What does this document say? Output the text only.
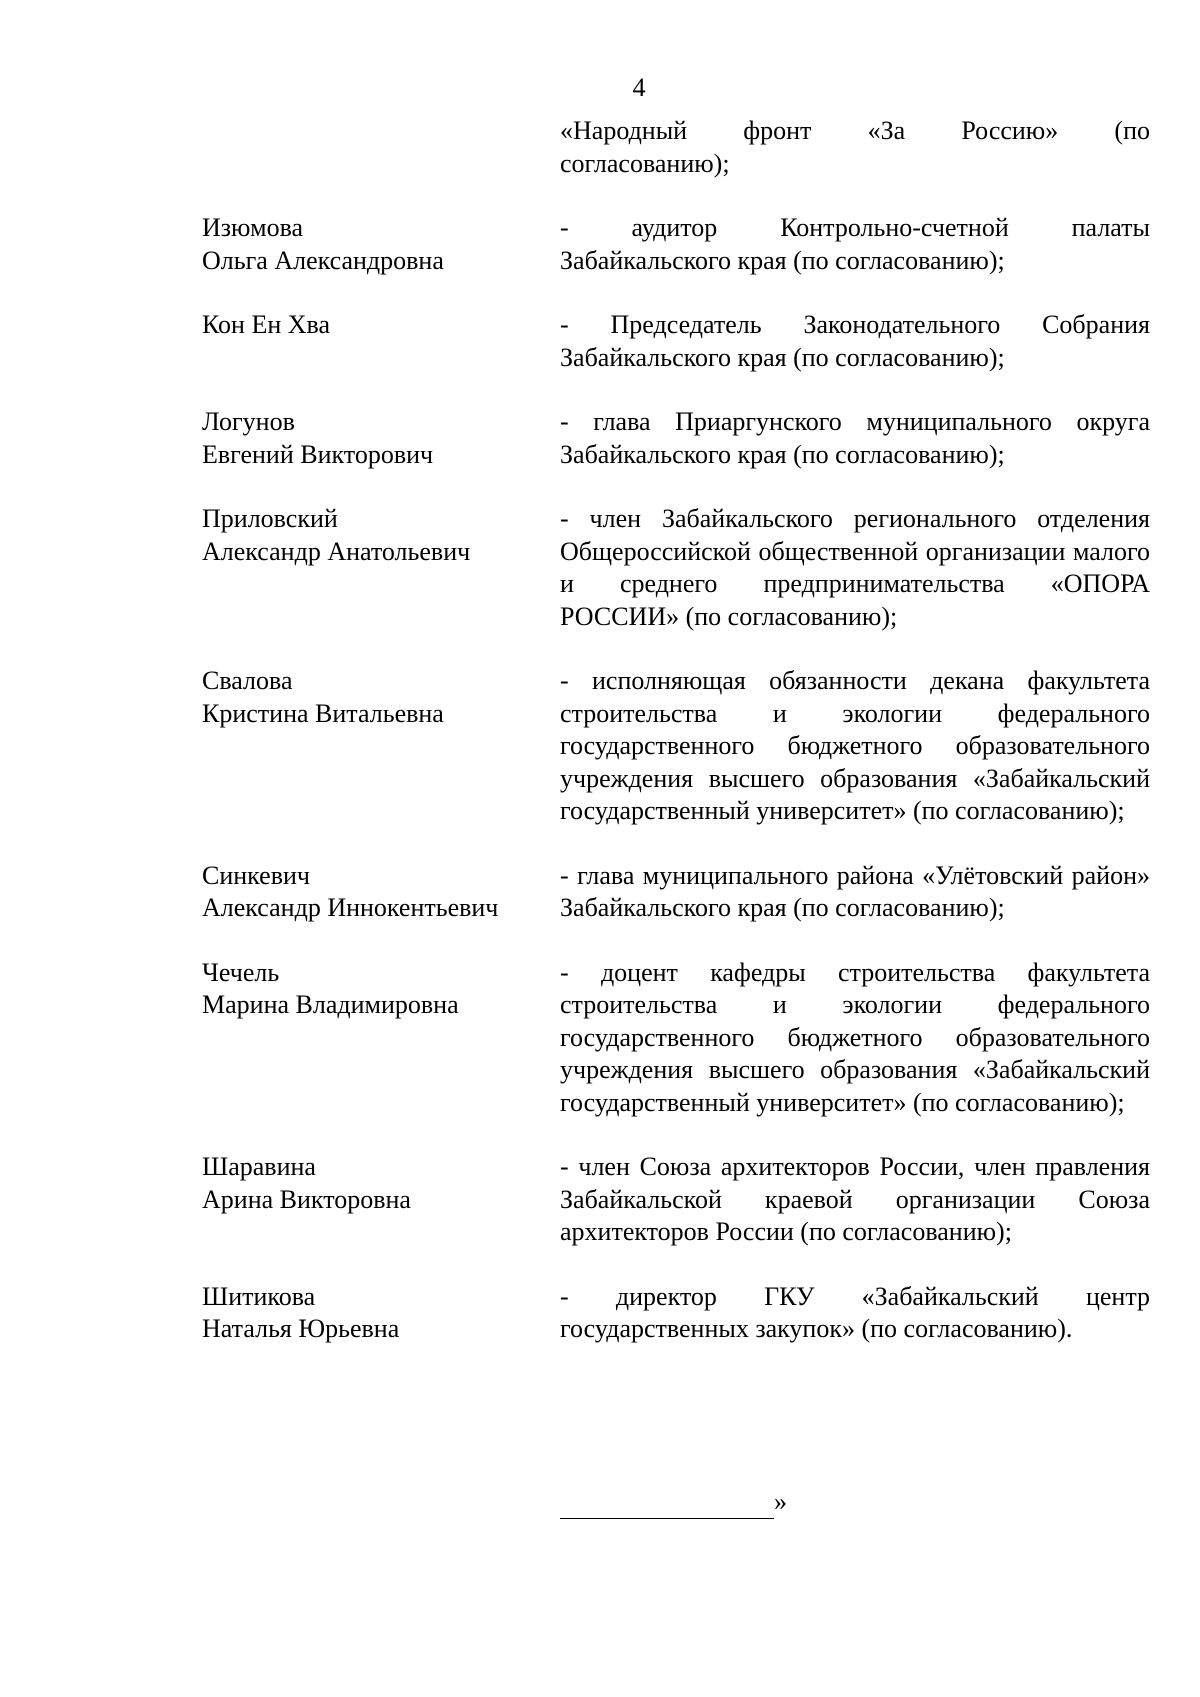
4
«Народный фронт «За Россию» (по
согласованию);
Изюмова
Ольга Александровна
- аудитор Контрольно-счетной палаты Забайкальского края (по согласованию);
Кон Ен Хва	- Председатель Законодательного Собрания Забайкальского края (по согласованию);
Логунов
Евгений Викторович
- глава Приаргунского муниципального округа Забайкальского края (по согласованию);
Приловский
Александр Анатольевич
- член Забайкальского регионального отделения Общероссийской общественной организации малого и среднего предпринимательства «ОПОРА РОССИИ» (по согласованию);
Свалова
Кристина Витальевна
- исполняющая обязанности декана факультета строительства и экологии федерального государственного бюджетного образовательного учреждения высшего образования «Забайкальский государственный университет» (по согласованию);
Синкевич
Александр Иннокентьевич
- глава муниципального района «Улётовский район» Забайкальского края (по согласованию);
Чечель
Марина Владимировна
- доцент кафедры строительства факультета строительства и экологии федерального государственного бюджетного образовательного учреждения высшего образования «Забайкальский государственный университет» (по согласованию);
Шаравина
Арина Викторовна
- член Союза архитекторов России, член правления Забайкальской краевой организации Союза архитекторов России (по согласованию);
Шитикова
Наталья Юрьевна
- директор ГКУ «Забайкальский центр государственных закупок» (по согласованию).
»
